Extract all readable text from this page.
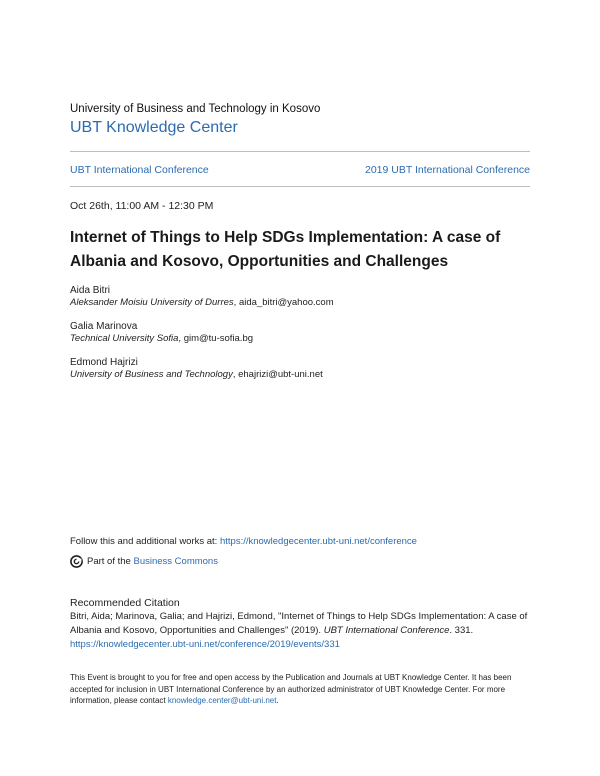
University of Business and Technology in Kosovo
UBT Knowledge Center
UBT International Conference	2019 UBT International Conference
Oct 26th, 11:00 AM - 12:30 PM
Internet of Things to Help SDGs Implementation: A case of Albania and Kosovo, Opportunities and Challenges
Aida Bitri
Aleksander Moisiu University of Durres, aida_bitri@yahoo.com
Galia Marinova
Technical University Sofia, gim@tu-sofia.bg
Edmond Hajrizi
University of Business and Technology, ehajrizi@ubt-uni.net
Follow this and additional works at: https://knowledgecenter.ubt-uni.net/conference
Part of the Business Commons
Recommended Citation
Bitri, Aida; Marinova, Galia; and Hajrizi, Edmond, "Internet of Things to Help SDGs Implementation: A case of Albania and Kosovo, Opportunities and Challenges" (2019). UBT International Conference. 331.
https://knowledgecenter.ubt-uni.net/conference/2019/events/331
This Event is brought to you for free and open access by the Publication and Journals at UBT Knowledge Center. It has been accepted for inclusion in UBT International Conference by an authorized administrator of UBT Knowledge Center. For more information, please contact knowledge.center@ubt-uni.net.
